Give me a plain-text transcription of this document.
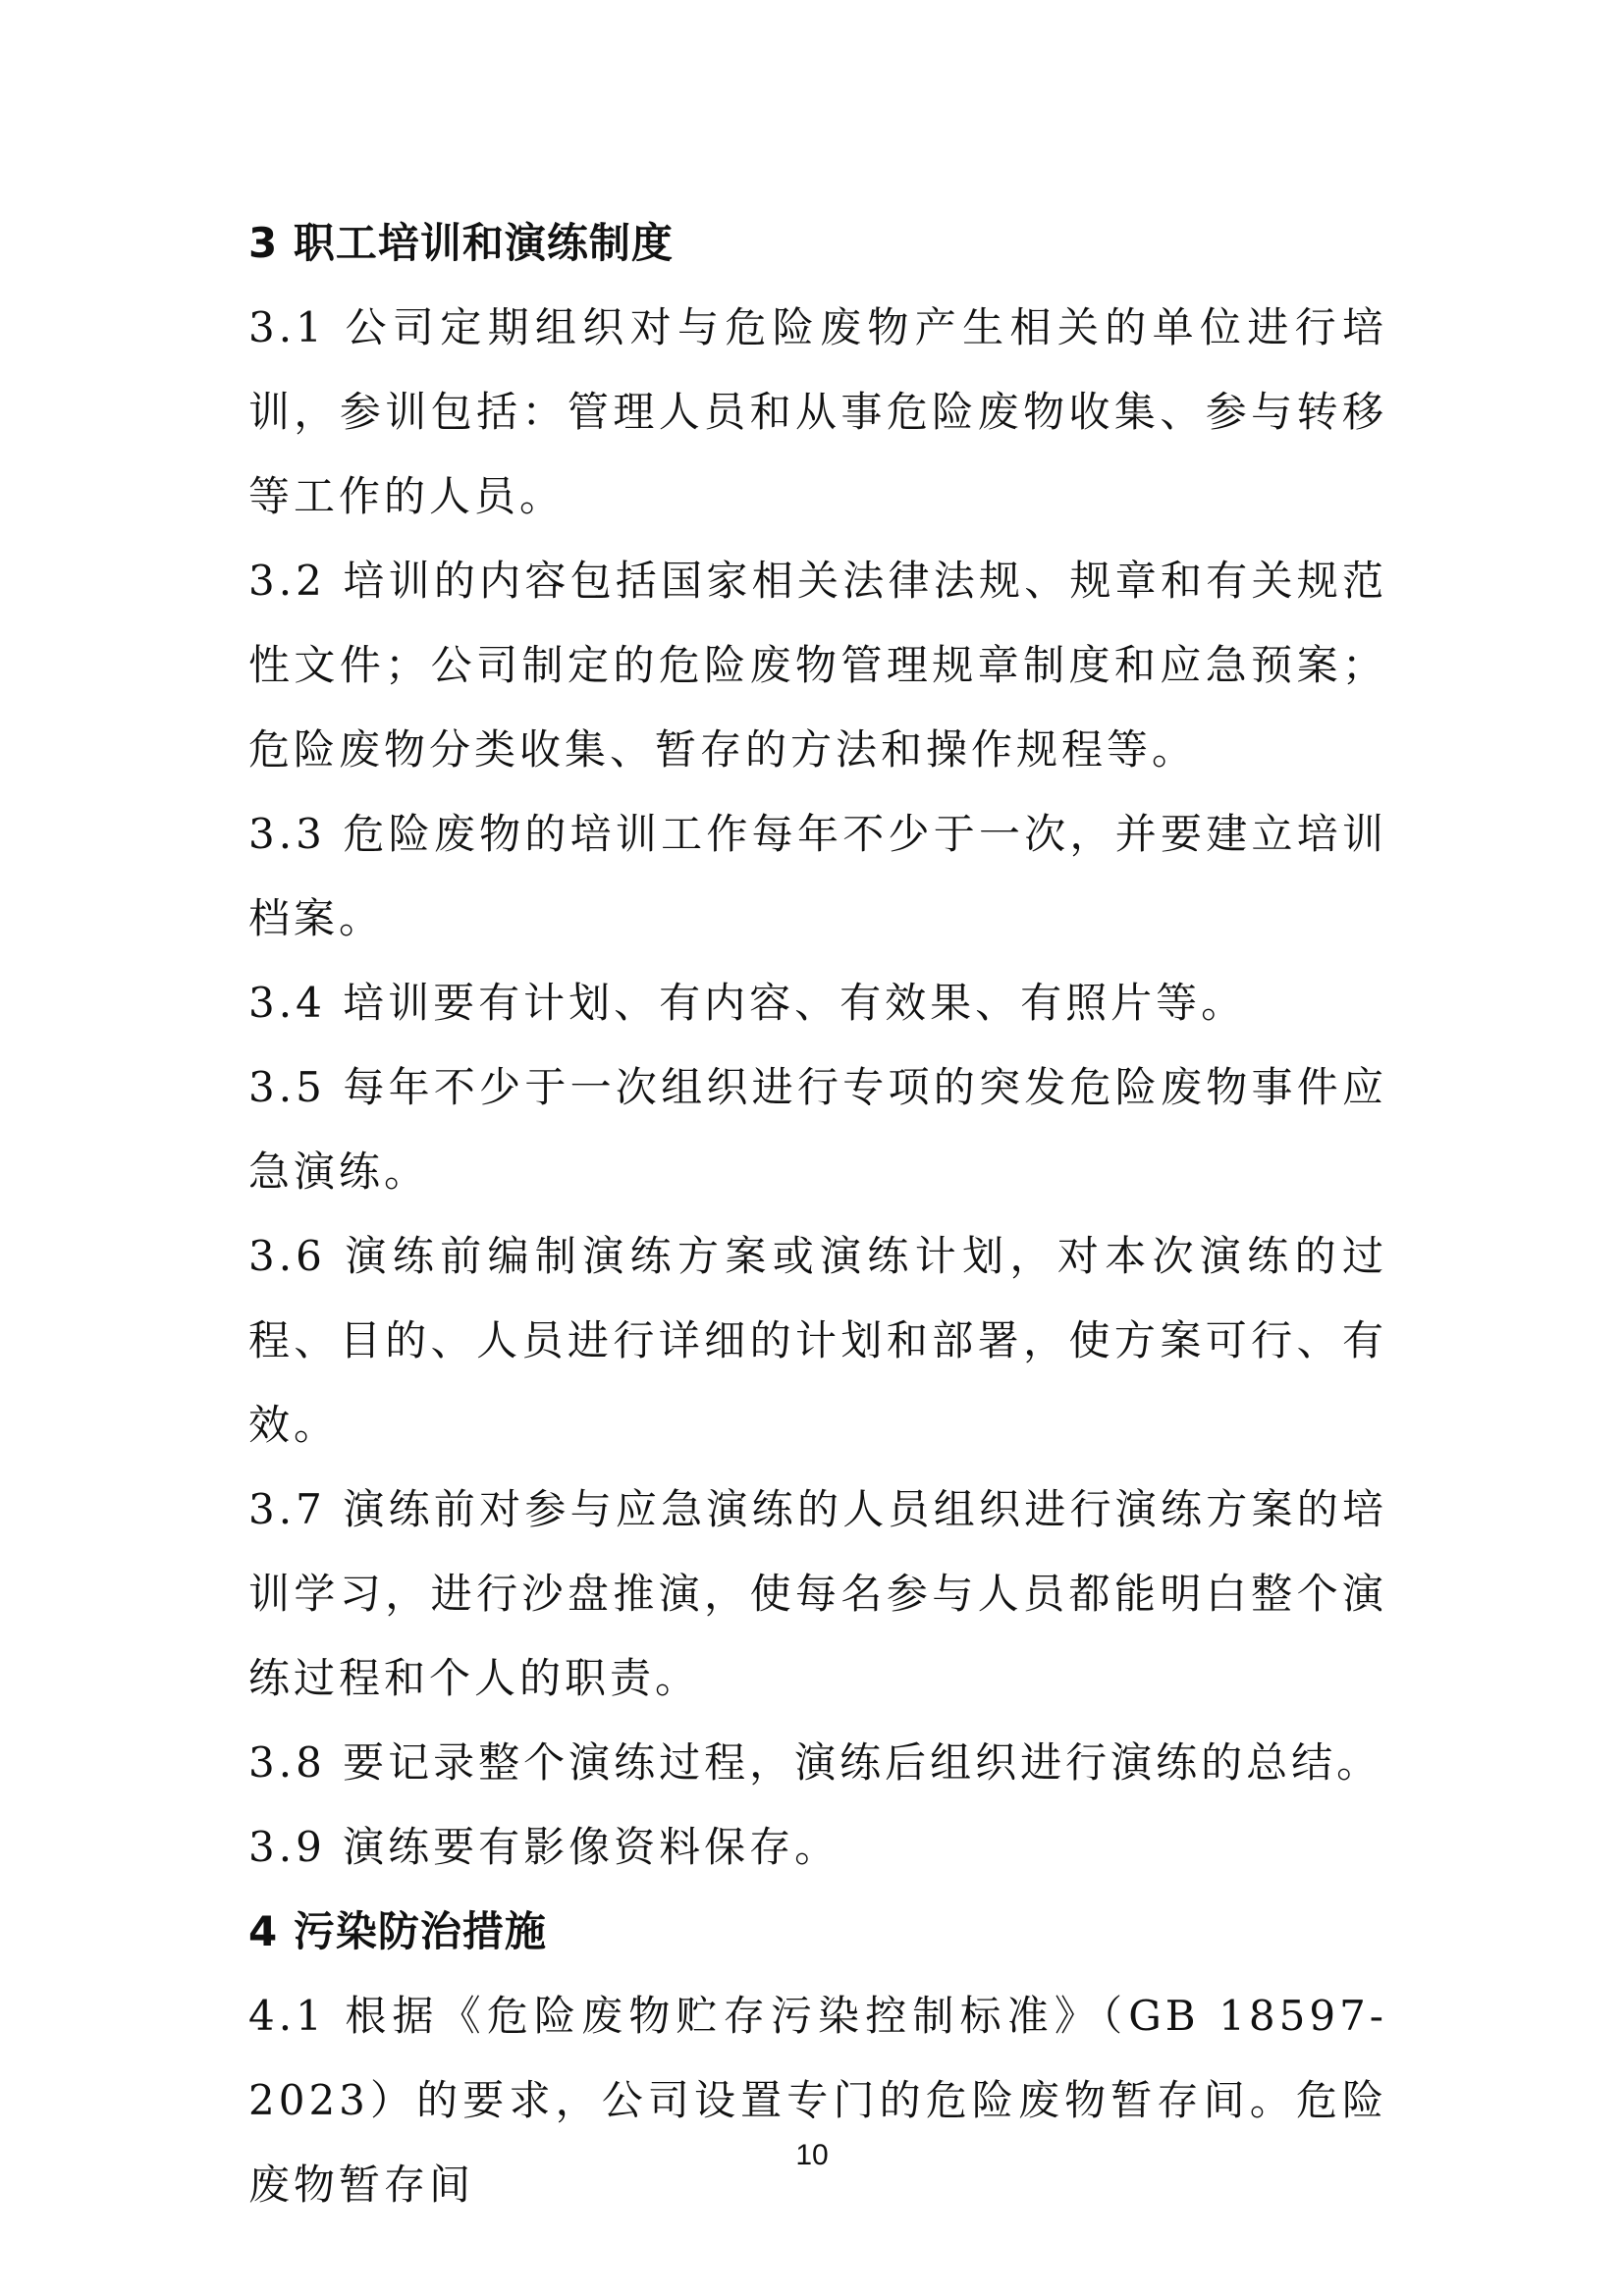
3 职工培训和演练制度

3.1 公司定期组织对与危险废物产生相关的单位进行培训，参训包括：管理人员和从事危险废物收集、参与转移等工作的人员。

3.2 培训的内容包括国家相关法律法规、规章和有关规范性文件；公司制定的危险废物管理规章制度和应急预案；危险废物分类收集、暂存的方法和操作规程等。

3.3 危险废物的培训工作每年不少于一次，并要建立培训档案。

3.4 培训要有计划、有内容、有效果、有照片等。

3.5 每年不少于一次组织进行专项的突发危险废物事件应急演练。

3.6 演练前编制演练方案或演练计划，对本次演练的过程、目的、人员进行详细的计划和部署，使方案可行、有效。

3.7 演练前对参与应急演练的人员组织进行演练方案的培训学习，进行沙盘推演，使每名参与人员都能明白整个演练过程和个人的职责。

3.8 要记录整个演练过程，演练后组织进行演练的总结。

3.9 演练要有影像资料保存。

4 污染防治措施

4.1 根据《危险废物贮存污染控制标准》（GB 18597-2023）的要求，公司设置专门的危险废物暂存间。危险废物暂存间

10
